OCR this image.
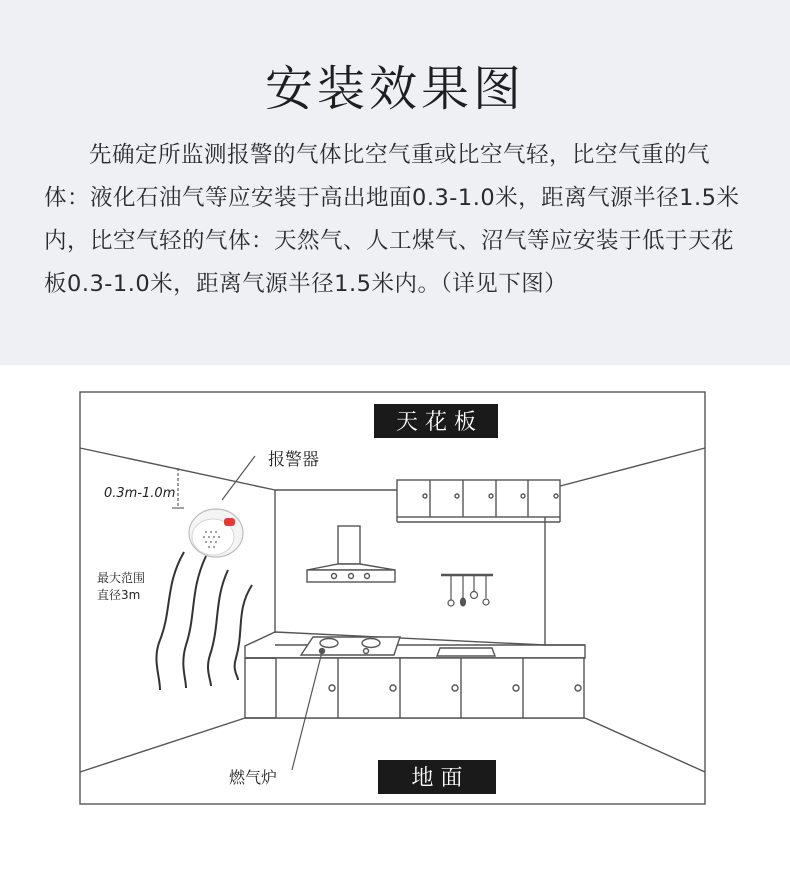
安装效果图
先确定所监测报警的气体比空气重或比空气轻，比空气重的气体：液化石油气等应安装于高出地面0.3-1.0米，距离气源半径1.5米内，比空气轻的气体：天然气、人工煤气、沼气等应安装于低于天花板0.3-1.0米，距离气源半径1.5米内。（详见下图）
天 花 板
报警器
0.3m-1.0m
最大范围
直径3m
燃气炉	地 面
